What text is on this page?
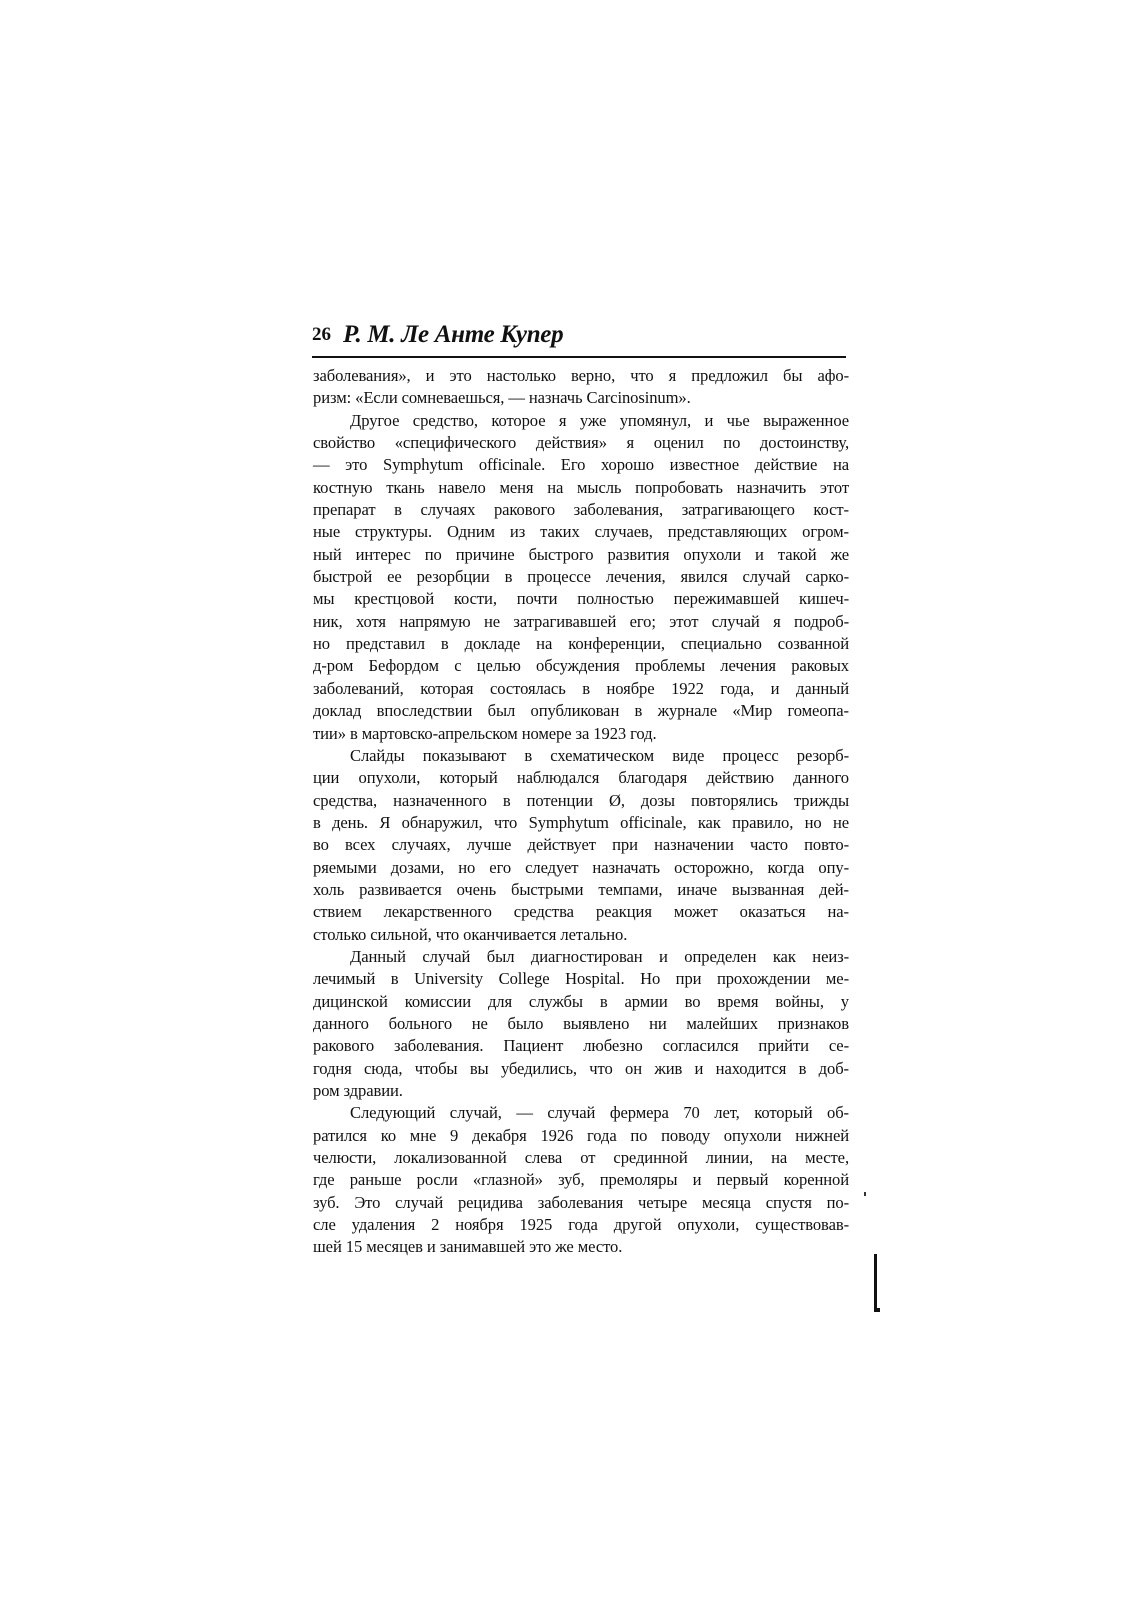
26 Р. М. Ле Анте Купер
заболевания», и это настолько верно, что я предложил бы афо-
ризм: «Если сомневаешься, — назначь Carcinosinum».
Другое средство, которое я уже упомянул, и чье выраженное
свойство «специфического действия» я оценил по достоинству,
— это Symphytum officinale. Его хорошо известное действие на
костную ткань навело меня на мысль попробовать назначить этот
препарат в случаях ракового заболевания, затрагивающего кост-
ные структуры. Одним из таких случаев, представляющих огром-
ный интерес по причине быстрого развития опухоли и такой же
быстрой ее резорбции в процессе лечения, явился случай сарко-
мы крестцовой кости, почти полностью пережимавшей кишеч-
ник, хотя напрямую не затрагивавшей его; этот случай я подроб-
но представил в докладе на конференции, специально созванной
д-ром Бефордом с целью обсуждения проблемы лечения раковых
заболеваний, которая состоялась в ноябре 1922 года, и данный
доклад впоследствии был опубликован в журнале «Мир гомеопа-
тии» в мартовско-апрельском номере за 1923 год.
Слайды показывают в схематическом виде процесс резорб-
ции опухоли, который наблюдался благодаря действию данного
средства, назначенного в потенции Ø, дозы повторялись трижды
в день. Я обнаружил, что Symphytum officinale, как правило, но не
во всех случаях, лучше действует при назначении часто повто-
ряемыми дозами, но его следует назначать осторожно, когда опу-
холь развивается очень быстрыми темпами, иначе вызванная дей-
ствием лекарственного средства реакция может оказаться на-
столько сильной, что оканчивается летально.
Данный случай был диагностирован и определен как неиз-
лечимый в University College Hospital. Но при прохождении ме-
дицинской комиссии для службы в армии во время войны, у
данного больного не было выявлено ни малейших признаков
ракового заболевания. Пациент любезно согласился прийти се-
годня сюда, чтобы вы убедились, что он жив и находится в доб-
ром здравии.
Следующий случай, — случай фермера 70 лет, который об-
ратился ко мне 9 декабря 1926 года по поводу опухоли нижней
челюсти, локализованной слева от срединной линии, на месте,
где раньше росли «глазной» зуб, премоляры и первый коренной
зуб. Это случай рецидива заболевания четыре месяца спустя по-
сле удаления 2 ноября 1925 года другой опухоли, существовав-
шей 15 месяцев и занимавшей это же место.
